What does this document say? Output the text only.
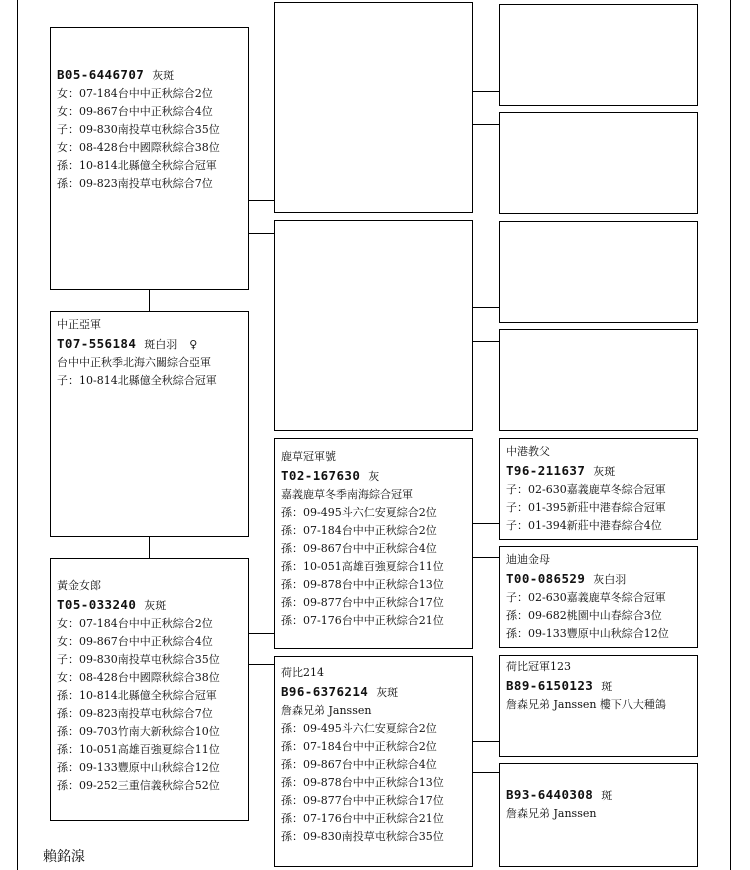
B05-6446707 灰斑
女：07-184台中中正秋綜合2位
女：09-867台中中正秋綜合4位
子：09-830南投草屯秋綜合35位
女：08-428台中國際秋綜合38位
孫：10-814北縣億全秋綜合冠軍
孫：09-823南投草屯秋綜合7位
中正亞軍
T07-556184 斑白羽 ♀
台中中正秋季北海六關綜合亞軍
子：10-814北縣億全秋綜合冠軍
黃金女郎
T05-033240 灰斑
女：07-184台中中正秋綜合2位
女：09-867台中中正秋綜合4位
子：09-830南投草屯秋綜合35位
女：08-428台中國際秋綜合38位
孫：10-814北縣億全秋綜合冠軍
孫：09-823南投草屯秋綜合7位
孫：09-703竹南大新秋綜合10位
孫：10-051高雄百強夏綜合11位
孫：09-133豐原中山秋綜合12位
孫：09-252三重信義秋綜合52位
鹿草冠軍號
T02-167630 灰
嘉義鹿草冬季南海綜合冠軍
孫：09-495斗六仁安夏綜合2位
孫：07-184台中中正秋綜合2位
孫：09-867台中中正秋綜合4位
孫：10-051高雄百強夏綜合11位
孫：09-878台中中正秋綜合13位
孫：09-877台中中正秋綜合17位
孫：07-176台中中正秋綜合21位
荷比214
B96-6376214 灰斑
詹森兄弟 Janssen
孫：09-495斗六仁安夏綜合2位
孫：07-184台中中正秋綜合2位
孫：09-867台中中正秋綜合4位
孫：09-878台中中正秋綜合13位
孫：09-877台中中正秋綜合17位
孫：07-176台中中正秋綜合21位
孫：09-830南投草屯秋綜合35位
中港教父
T96-211637 灰斑
子：02-630嘉義鹿草冬綜合冠軍
子：01-395新莊中港春綜合冠軍
子：01-394新莊中港春綜合4位
迪迪金母
T00-086529 灰白羽
子：02-630嘉義鹿草冬綜合冠軍
孫：09-682桃園中山春綜合3位
孫：09-133豐原中山秋綜合12位
荷比冠軍123
B89-6150123 斑
詹森兄弟 Janssen 樓下八大種鴿
B93-6440308 斑
詹森兄弟 Janssen
賴銘湶
